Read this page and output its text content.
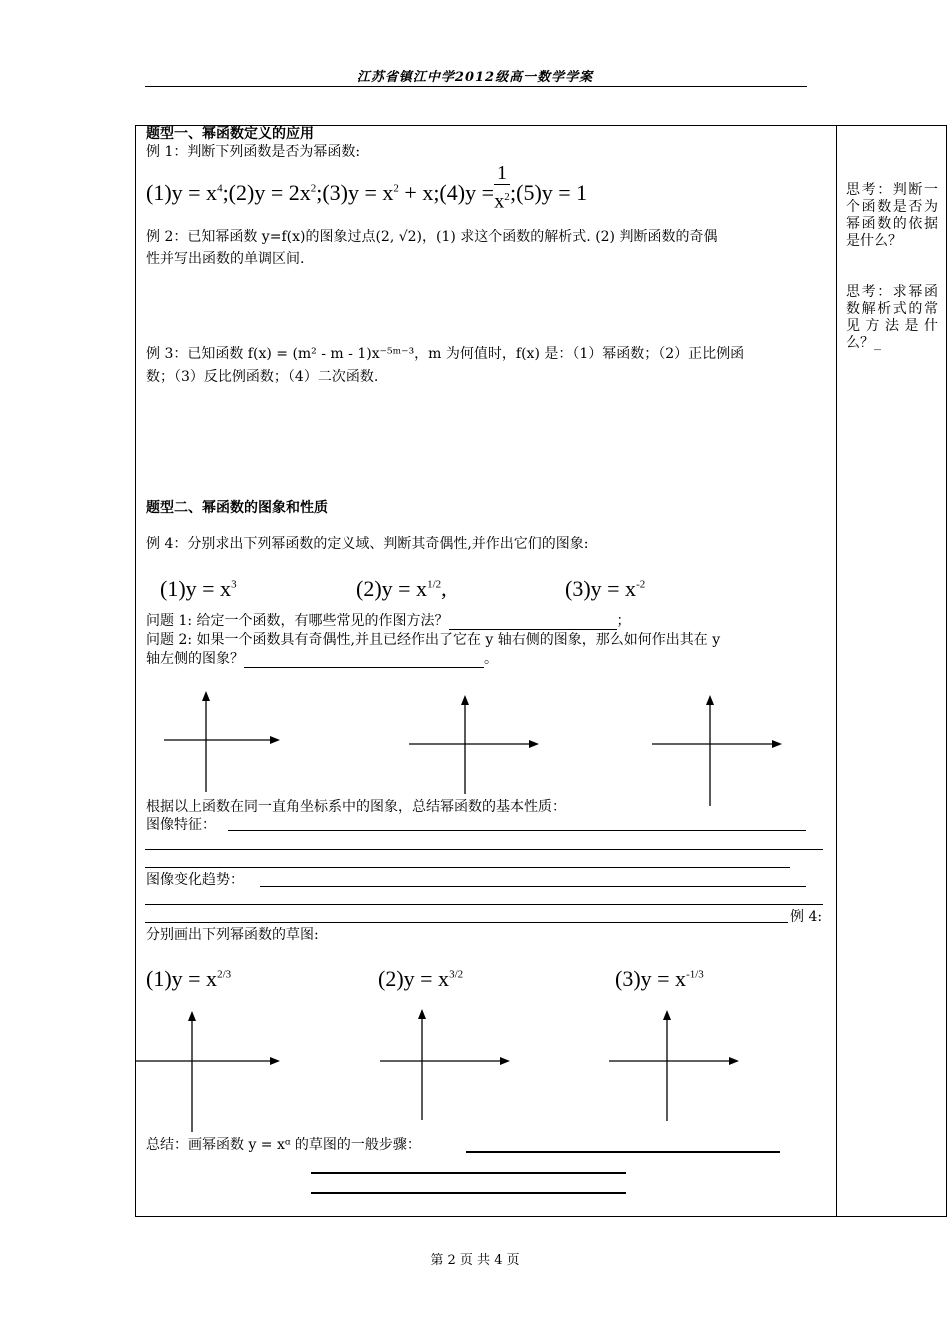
江苏省镇江中学2012级高一数学学案
题型一、幂函数定义的应用
例 1：判断下列函数是否为幂函数:
$(1)y = x^4;(2)y$ = $2x^2;(3)y = x^2$ + x;(4)y = $\frac{1}{x^2}$ ;(5)y = 1
例 2：已知幂函数 y=f(x)的图象过点(2, √2)，(1) 求这个函数的解析式. (2) 判断函数的奇偶
性并写出函数的单调区间.
例 3：已知函数 f(x) = (m² - m - 1)x⁻⁵ᵐ⁻³，m 为何值时，f(x) 是：（1）幂函数；（2）正比例函
数；（3）反比例函数；（4）二次函数.
思考：判断一个函数是否为幂函数的依据是什么？
思考：求幂函数解析式的常见方法是什么？_
题型二、幂函数的图象和性质
例 4：分别求出下列幂函数的定义域、判断其奇偶性,并作出它们的图象:
$(1)y = x^3$	$(2)y = x^{1/2}$,	$(3)y = x^{-2}$
问题 1: 给定一个函数，有哪些常见的作图方法？	；
问题 2: 如果一个函数具有奇偶性,并且已经作出了它在 y 轴右侧的图象，那么如何作出其在 y
轴左侧的图象？	。
根据以上函数在同一直角坐标系中的图象，总结幂函数的基本性质：
图像特征：
图像变化趋势：
例 4:
分别画出下列幂函数的草图:
$(1)y = x^{2/3}$	$(2)y = x^{3/2}$	$(3)y = x^{-1/3}$
总结：画幂函数 y = xᵅ 的草图的一般步骤：
第 2 页 共 4 页
